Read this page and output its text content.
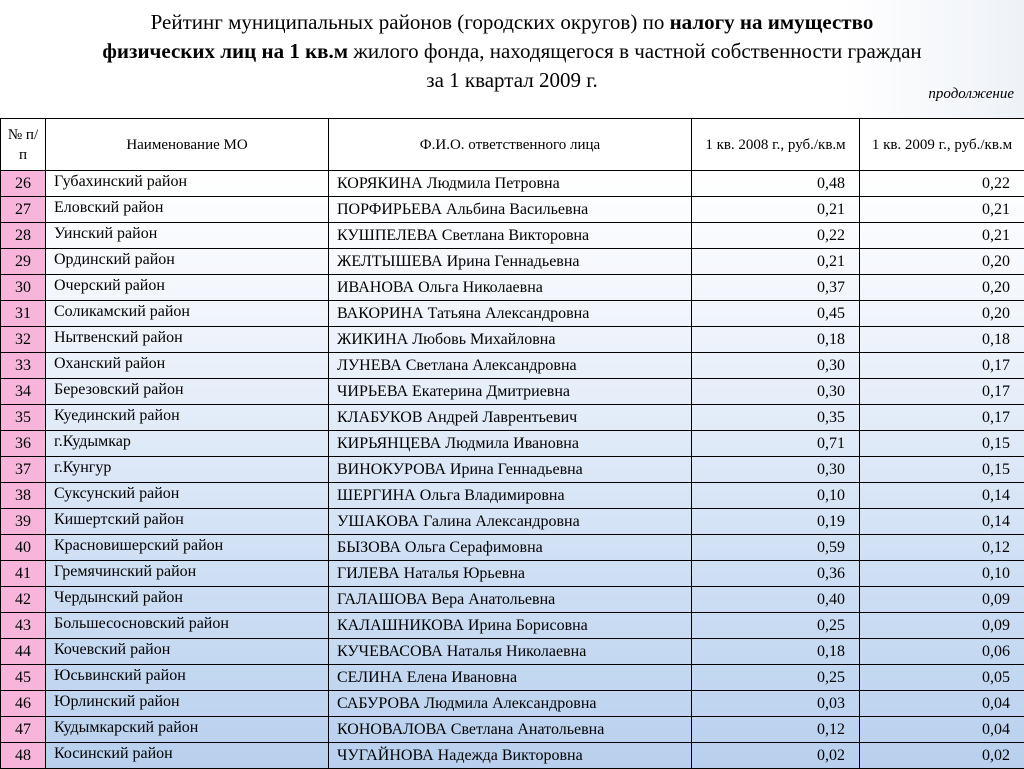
Рейтинг муниципальных районов (городских округов) по налогу на имущество
физических лиц на 1 кв.м жилого фонда, находящегося в частной собственности граждан
за 1 квартал 2009 г.
продолжение
№ п/п	Наименование МО	Ф.И.О. ответственного лица	1 кв. 2008 г., руб./кв.м	1 кв. 2009 г., руб./кв.м
26	Губахинский район	КОРЯКИНА Людмила Петровна	0,48	0,22
27	Еловский район	ПОРФИРЬЕВА Альбина Васильевна	0,21	0,21
28	Уинский район	КУШПЕЛЕВА Светлана Викторовна	0,22	0,21
29	Ординский район	ЖЕЛТЫШЕВА Ирина Геннадьевна	0,21	0,20
30	Очерский район	ИВАНОВА Ольга Николаевна	0,37	0,20
31	Соликамский район	ВАКОРИНА Татьяна Александровна	0,45	0,20
32	Нытвенский район	ЖИКИНА Любовь Михайловна	0,18	0,18
33	Оханский район	ЛУНЕВА Светлана Александровна	0,30	0,17
34	Березовский район	ЧИРЬЕВА Екатерина Дмитриевна	0,30	0,17
35	Куединский район	КЛАБУКОВ Андрей Лаврентьевич	0,35	0,17
36	г.Кудымкар	КИРЬЯНЦЕВА Людмила Ивановна	0,71	0,15
37	г.Кунгур	ВИНОКУРОВА Ирина Геннадьевна	0,30	0,15
38	Суксунский район	ШЕРГИНА Ольга Владимировна	0,10	0,14
39	Кишертский район	УШАКОВА Галина Александровна	0,19	0,14
40	Красновишерский район	БЫЗОВА Ольга Серафимовна	0,59	0,12
41	Гремячинский район	ГИЛЕВА Наталья Юрьевна	0,36	0,10
42	Чердынский район	ГАЛАШОВА Вера Анатольевна	0,40	0,09
43	Большесосновский район	КАЛАШНИКОВА Ирина Борисовна	0,25	0,09
44	Кочевский район	КУЧЕВАСОВА Наталья Николаевна	0,18	0,06
45	Юсьвинский район	СЕЛИНА Елена Ивановна	0,25	0,05
46	Юрлинский район	САБУРОВА Людмила Александровна	0,03	0,04
47	Кудымкарский район	КОНОВАЛОВА Светлана Анатольевна	0,12	0,04
48	Косинский район	ЧУГАЙНОВА Надежда Викторовна	0,02	0,02
